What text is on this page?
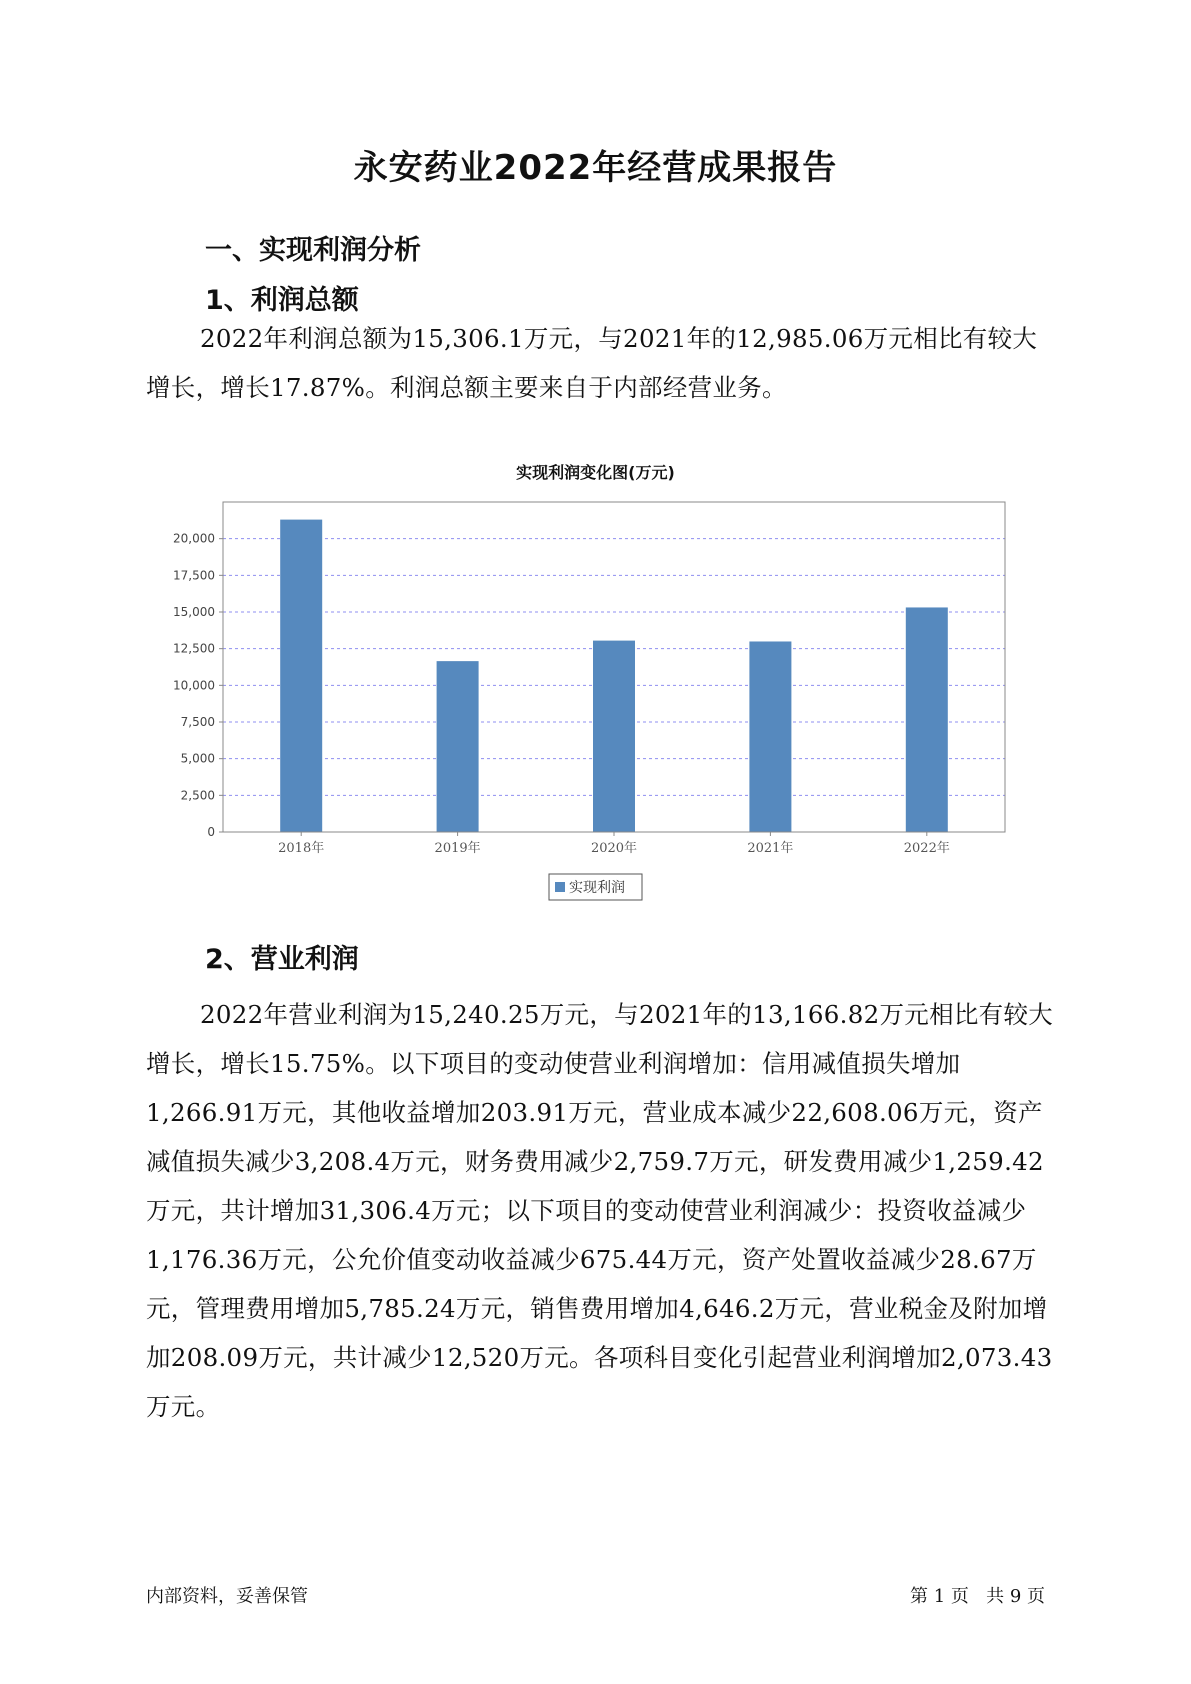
永安药业2022年经营成果报告
一、实现利润分析
1、利润总额

2022年利润总额为15,306.1万元，与2021年的12,985.06万元相比有较大增长，增长17.87%。利润总额主要来自于内部经营业务。

实现利润变化图(万元)
0
2,500
5,000
7,500
10,000
12,500
15,000
17,500
20,000
2018年	2019年	2020年	2021年	2022年
实现利润
2、营业利润

2022年营业利润为15,240.25万元，与2021年的13,166.82万元相比有较大增长，增长15.75%。以下项目的变动使营业利润增加：信用减值损失增加1,266.91万元，其他收益增加203.91万元，营业成本减少22,608.06万元，资产减值损失减少3,208.4万元，财务费用减少2,759.7万元，研发费用减少1,259.42万元，共计增加31,306.4万元；以下项目的变动使营业利润减少：投资收益减少1,176.36万元，公允价值变动收益减少675.44万元，资产处置收益减少28.67万元，管理费用增加5,785.24万元，销售费用增加4,646.2万元，营业税金及附加增加208.09万元，共计减少12,520万元。各项科目变化引起营业利润增加2,073.43万元。

内部资料，妥善保管	第 1 页   共 9 页
